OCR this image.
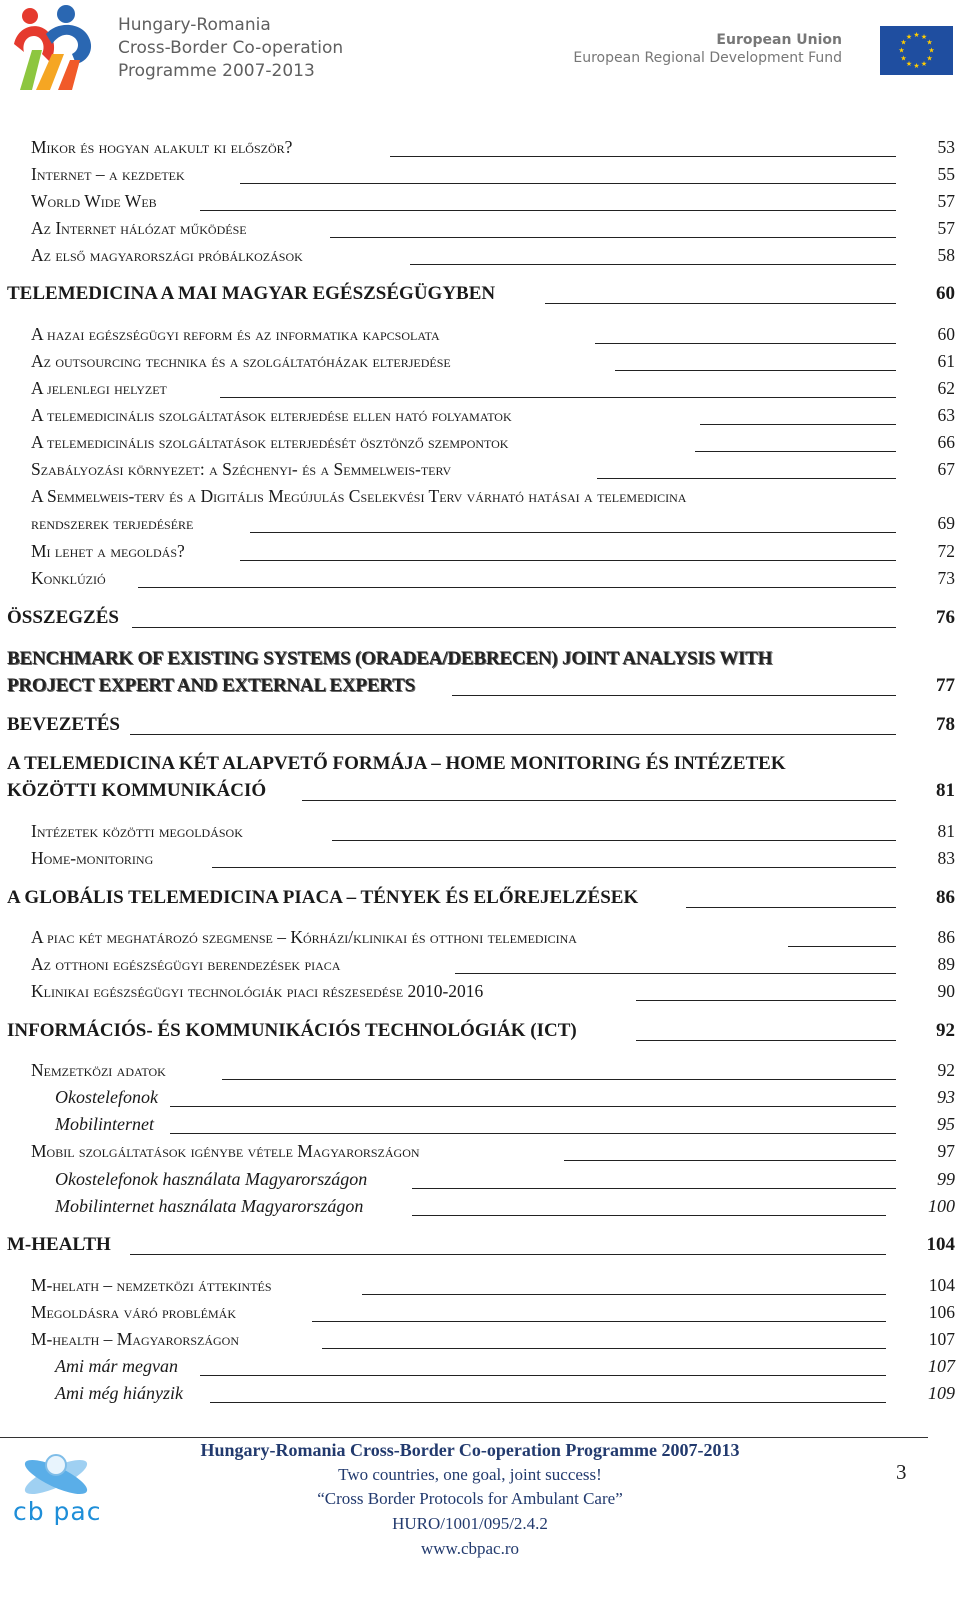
Hungary-Romania
Cross-Border Co-operation
Programme 2007-2013
European Union
European Regional Development Fund
★ ★
★
★
★
★
★
★
★
★
★
★
Mikor és hogyan alakult ki először?	53
Internet – a kezdetek	55
World Wide Web	57
Az Internet hálózat működése	57
Az első magyarországi próbálkozások	58
TELEMEDICINA A MAI MAGYAR EGÉSZSÉGÜGYBEN	60
A hazai egészségügyi reform és az informatika kapcsolata	60
Az outsourcing technika és a szolgáltatóházak elterjedése	61
A jelenlegi helyzet	62
A telemedicinális szolgáltatások elterjedése ellen ható folyamatok	63
A telemedicinális szolgáltatások elterjedését ösztönző szempontok	66
Szabályozási környezet: a Széchenyi- és a Semmelweis-terv	67
A Semmelweis-terv és a Digitális Megújulás Cselekvési Terv várható hatásai a telemedicina
rendszerek terjedésére	69
Mi lehet a megoldás?	72
Konklúzió	73
ÖSSZEGZÉS	76
BENCHMARK OF EXISTING SYSTEMS (ORADEA/DEBRECEN) JOINT ANALYSIS WITH
PROJECT EXPERT AND EXTERNAL EXPERTS	77
BEVEZETÉS	78
A TELEMEDICINA KÉT ALAPVETŐ FORMÁJA – HOME MONITORING ÉS INTÉZETEK
KÖZÖTTI KOMMUNIKÁCIÓ	81
Intézetek közötti megoldások	81
Home-monitoring	83
A GLOBÁLIS TELEMEDICINA PIACA – TÉNYEK ÉS ELŐREJELZÉSEK	86
A piac két meghatározó szegmense – Kórházi/klinikai és otthoni telemedicina	86
Az otthoni egészségügyi berendezések piaca	89
Klinikai egészségügyi technológiák piaci részesedése 2010-2016	90
INFORMÁCIÓS- ÉS KOMMUNIKÁCIÓS TECHNOLÓGIÁK (ICT)	92
Nemzetközi adatok	92
Okostelefonok	93
Mobilinternet	95
Mobil szolgáltatások igénybe vétele Magyarországon	97
Okostelefonok használata Magyarországon	99
Mobilinternet használata Magyarországon	100
M-HEALTH	104
M-helath – nemzetközi áttekintés	104
Megoldásra váró problémák	106
M-health – Magyarországon	107
Ami már megvan	107
Ami még hiányzik	109
cb pac
Hungary-Romania Cross-Border Co-operation Programme 2007-2013
Two countries, one goal, joint success!
“Cross Border Protocols for Ambulant Care”
HURO/1001/095/2.4.2
www.cbpac.ro
3
